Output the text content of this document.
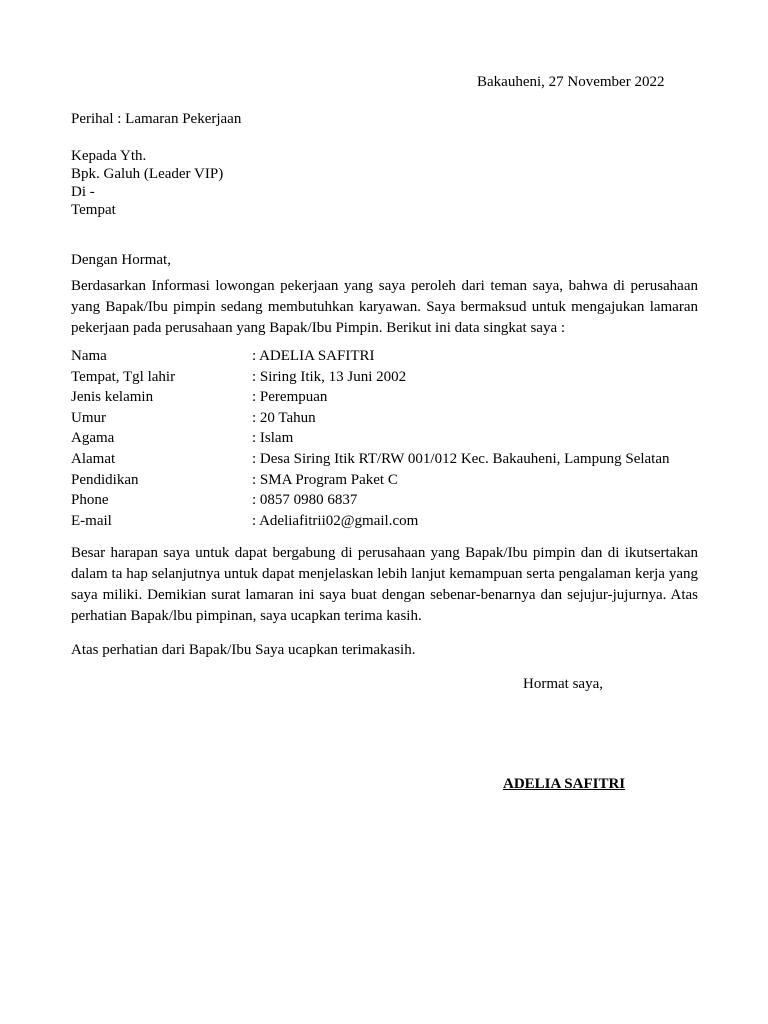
Bakauheni, 27 November 2022
Perihal : Lamaran Pekerjaan
Kepada Yth.
Bpk. Galuh (Leader VIP)
Di -
Tempat
Dengan Hormat,
Berdasarkan Informasi lowongan pekerjaan yang saya peroleh dari teman saya, bahwa di perusahaan
yang Bapak/Ibu pimpin sedang membutuhkan karyawan. Saya bermaksud untuk mengajukan lamaran
pekerjaan pada perusahaan yang Bapak/Ibu Pimpin. Berikut ini data singkat saya :
Nama	: ADELIA SAFITRI
Tempat, Tgl lahir	: Siring Itik, 13 Juni 2002
Jenis kelamin	: Perempuan
Umur	: 20 Tahun
Agama	: Islam
Alamat	: Desa Siring Itik RT/RW 001/012 Kec. Bakauheni, Lampung Selatan
Pendidikan	: SMA Program Paket C
Phone	: 0857 0980 6837
E-mail	: Adeliafitrii02@gmail.com
Besar harapan saya untuk dapat bergabung di perusahaan yang Bapak/Ibu pimpin dan di ikutsertakan
dalam ta hap selanjutnya untuk dapat menjelaskan lebih lanjut kemampuan serta pengalaman kerja yang
saya miliki. Demikian surat lamaran ini saya buat dengan sebenar-benarnya dan sejujur-jujurnya. Atas
perhatian Bapak/lbu pimpinan, saya ucapkan terima kasih.
Atas perhatian dari Bapak/Ibu Saya ucapkan terimakasih.
Hormat saya,
ADELIA SAFITRI
